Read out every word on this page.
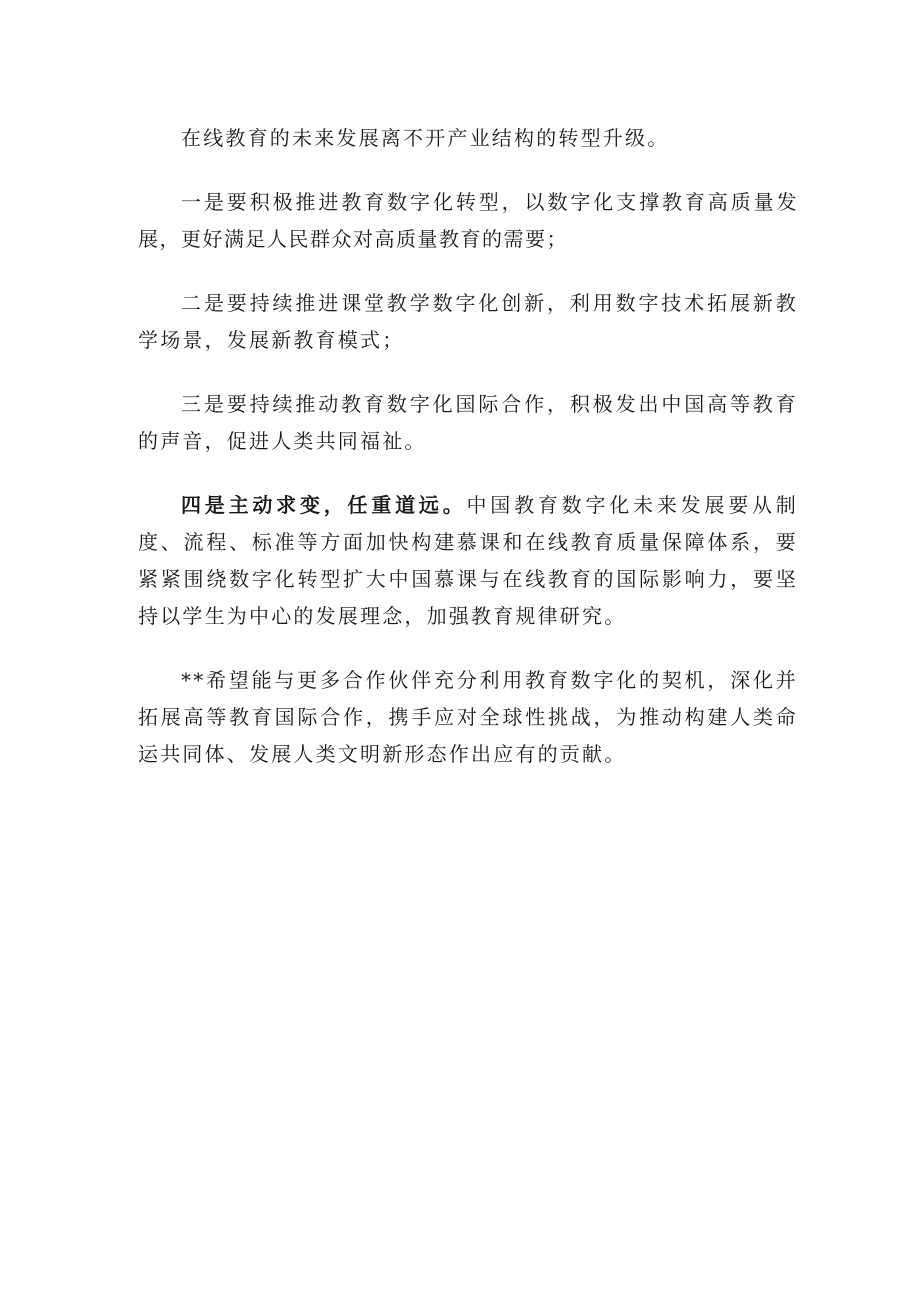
在线教育的未来发展离不开产业结构的转型升级。

一是要积极推进教育数字化转型，以数字化支撑教育高质量发展，更好满足人民群众对高质量教育的需要；

二是要持续推进课堂教学数字化创新，利用数字技术拓展新教学场景，发展新教育模式；

三是要持续推动教育数字化国际合作，积极发出中国高等教育的声音，促进人类共同福祉。

四是主动求变，任重道远。中国教育数字化未来发展要从制度、流程、标准等方面加快构建慕课和在线教育质量保障体系，要紧紧围绕数字化转型扩大中国慕课与在线教育的国际影响力，要坚持以学生为中心的发展理念，加强教育规律研究。

**希望能与更多合作伙伴充分利用教育数字化的契机，深化并拓展高等教育国际合作，携手应对全球性挑战，为推动构建人类命运共同体、发展人类文明新形态作出应有的贡献。
